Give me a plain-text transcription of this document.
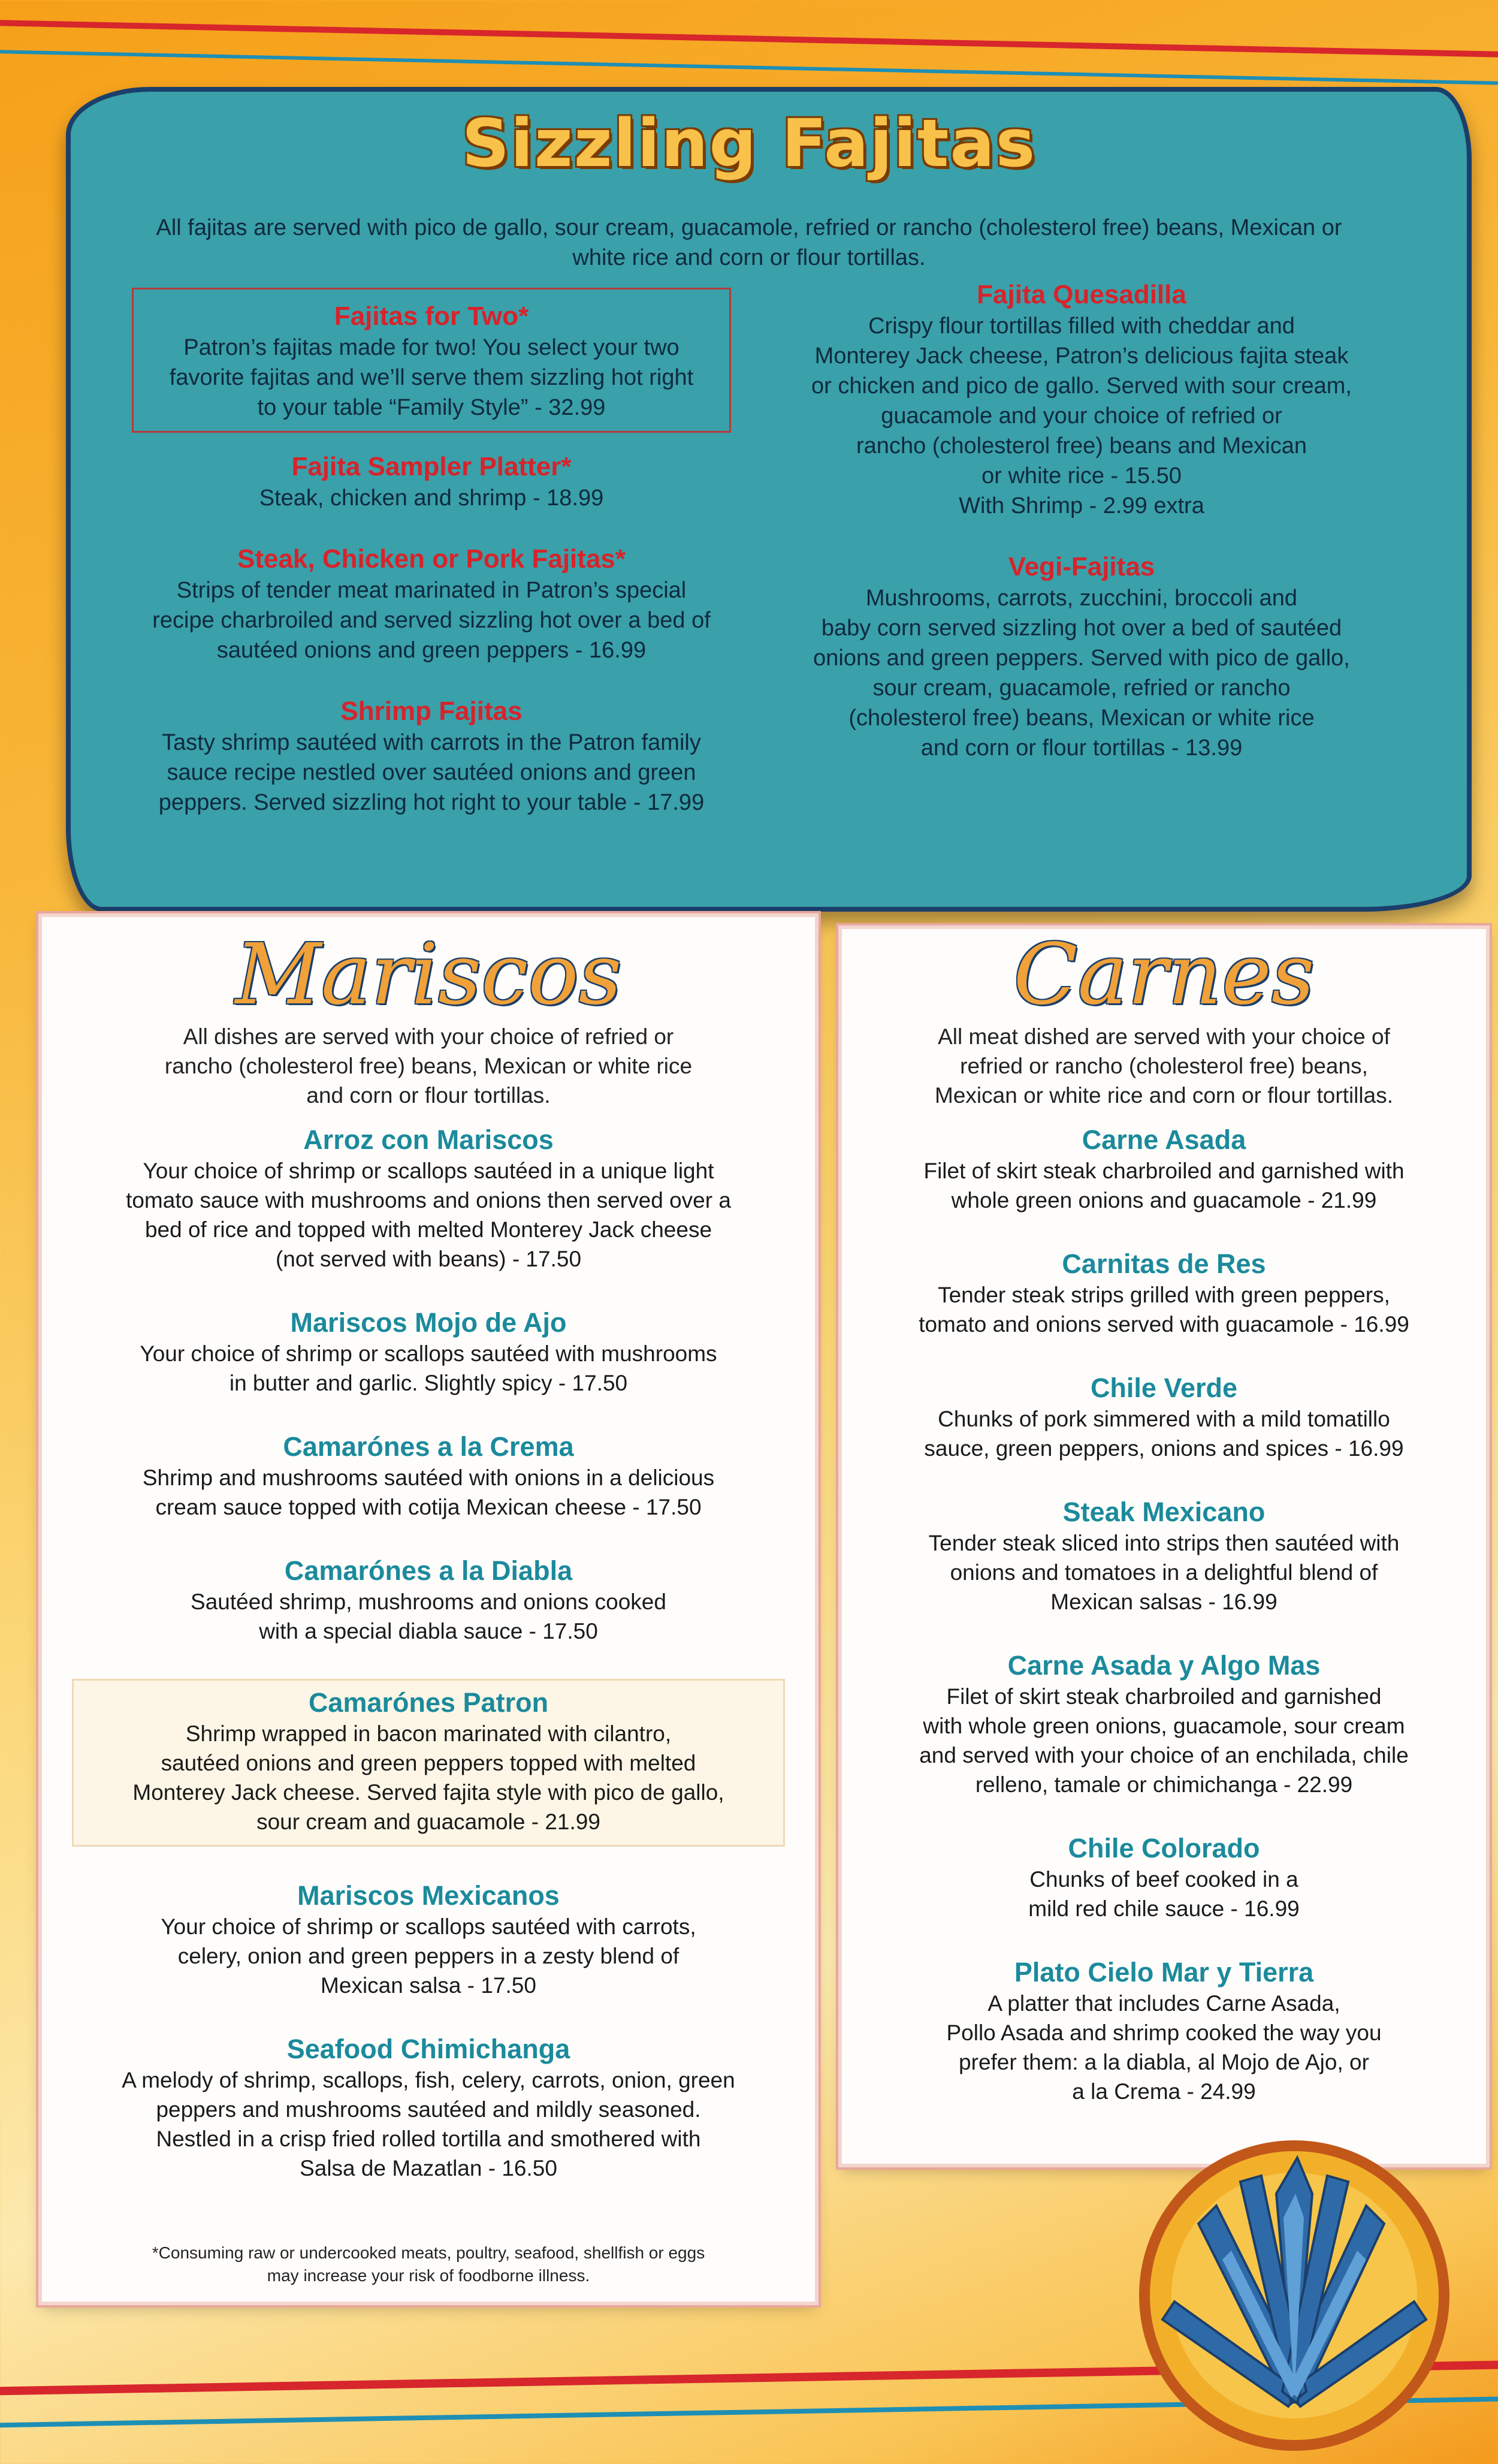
Sizzling Fajitas
All fajitas are served with pico de gallo, sour cream, guacamole, refried or rancho (cholesterol free) beans, Mexican or white rice and corn or flour tortillas.
Fajitas for Two*
Patron’s fajitas made for two! You select your two
favorite fajitas and we’ll serve them sizzling hot right
to your table “Family Style” - 32.99
Fajita Sampler Platter*
Steak, chicken and shrimp - 18.99
Steak, Chicken or Pork Fajitas*
Strips of tender meat marinated in Patron’s special
recipe charbroiled and served sizzling hot over a bed of
sautéed onions and green peppers - 16.99
Shrimp Fajitas
Tasty shrimp sautéed with carrots in the Patron family
sauce recipe nestled over sautéed onions and green
peppers. Served sizzling hot right to your table - 17.99
Fajita Quesadilla
Crispy flour tortillas filled with cheddar and
Monterey Jack cheese, Patron’s delicious fajita steak
or chicken and pico de gallo. Served with sour cream,
guacamole and your choice of refried or
rancho (cholesterol free) beans and Mexican
or white rice - 15.50
With Shrimp - 2.99 extra
Vegi-Fajitas
Mushrooms, carrots, zucchini, broccoli and
baby corn served sizzling hot over a bed of sautéed
onions and green peppers. Served with pico de gallo,
sour cream, guacamole, refried or rancho
(cholesterol free) beans, Mexican or white rice
and corn or flour tortillas - 13.99
Mariscos
All dishes are served with your choice of refried or
rancho (cholesterol free) beans, Mexican or white rice
and corn or flour tortillas.
Arroz con Mariscos
Your choice of shrimp or scallops sautéed in a unique light
tomato sauce with mushrooms and onions then served over a
bed of rice and topped with melted Monterey Jack cheese
(not served with beans) - 17.50
Mariscos Mojo de Ajo
Your choice of shrimp or scallops sautéed with mushrooms
in butter and garlic. Slightly spicy - 17.50
Camarónes a la Crema
Shrimp and mushrooms sautéed with onions in a delicious
cream sauce topped with cotija Mexican cheese - 17.50
Camarónes a la Diabla
Sautéed shrimp, mushrooms and onions cooked
with a special diabla sauce - 17.50
Camarónes Patron
Shrimp wrapped in bacon marinated with cilantro,
sautéed onions and green peppers topped with melted
Monterey Jack cheese. Served fajita style with pico de gallo,
sour cream and guacamole - 21.99
Mariscos Mexicanos
Your choice of shrimp or scallops sautéed with carrots,
celery, onion and green peppers in a zesty blend of
Mexican salsa - 17.50
Seafood Chimichanga
A melody of shrimp, scallops, fish, celery, carrots, onion, green
peppers and mushrooms sautéed and mildly seasoned.
Nestled in a crisp fried rolled tortilla and smothered with
Salsa de Mazatlan - 16.50
*Consuming raw or undercooked meats, poultry, seafood, shellfish or eggs
may increase your risk of foodborne illness.
Carnes
All meat dished are served with your choice of
refried or rancho (cholesterol free) beans,
Mexican or white rice and corn or flour tortillas.
Carne Asada
Filet of skirt steak charbroiled and garnished with
whole green onions and guacamole - 21.99
Carnitas de Res
Tender steak strips grilled with green peppers,
tomato and onions served with guacamole - 16.99
Chile Verde
Chunks of pork simmered with a mild tomatillo
sauce, green peppers, onions and spices - 16.99
Steak Mexicano
Tender steak sliced into strips then sautéed with
onions and tomatoes in a delightful blend of
Mexican salsas - 16.99
Carne Asada y Algo Mas
Filet of skirt steak charbroiled and garnished
with whole green onions, guacamole, sour cream
and served with your choice of an enchilada, chile
relleno, tamale or chimichanga - 22.99
Chile Colorado
Chunks of beef cooked in a
mild red chile sauce - 16.99
Plato Cielo Mar y Tierra
A platter that includes Carne Asada,
Pollo Asada and shrimp cooked the way you
prefer them: a la diabla, al Mojo de Ajo, or
a la Crema - 24.99
